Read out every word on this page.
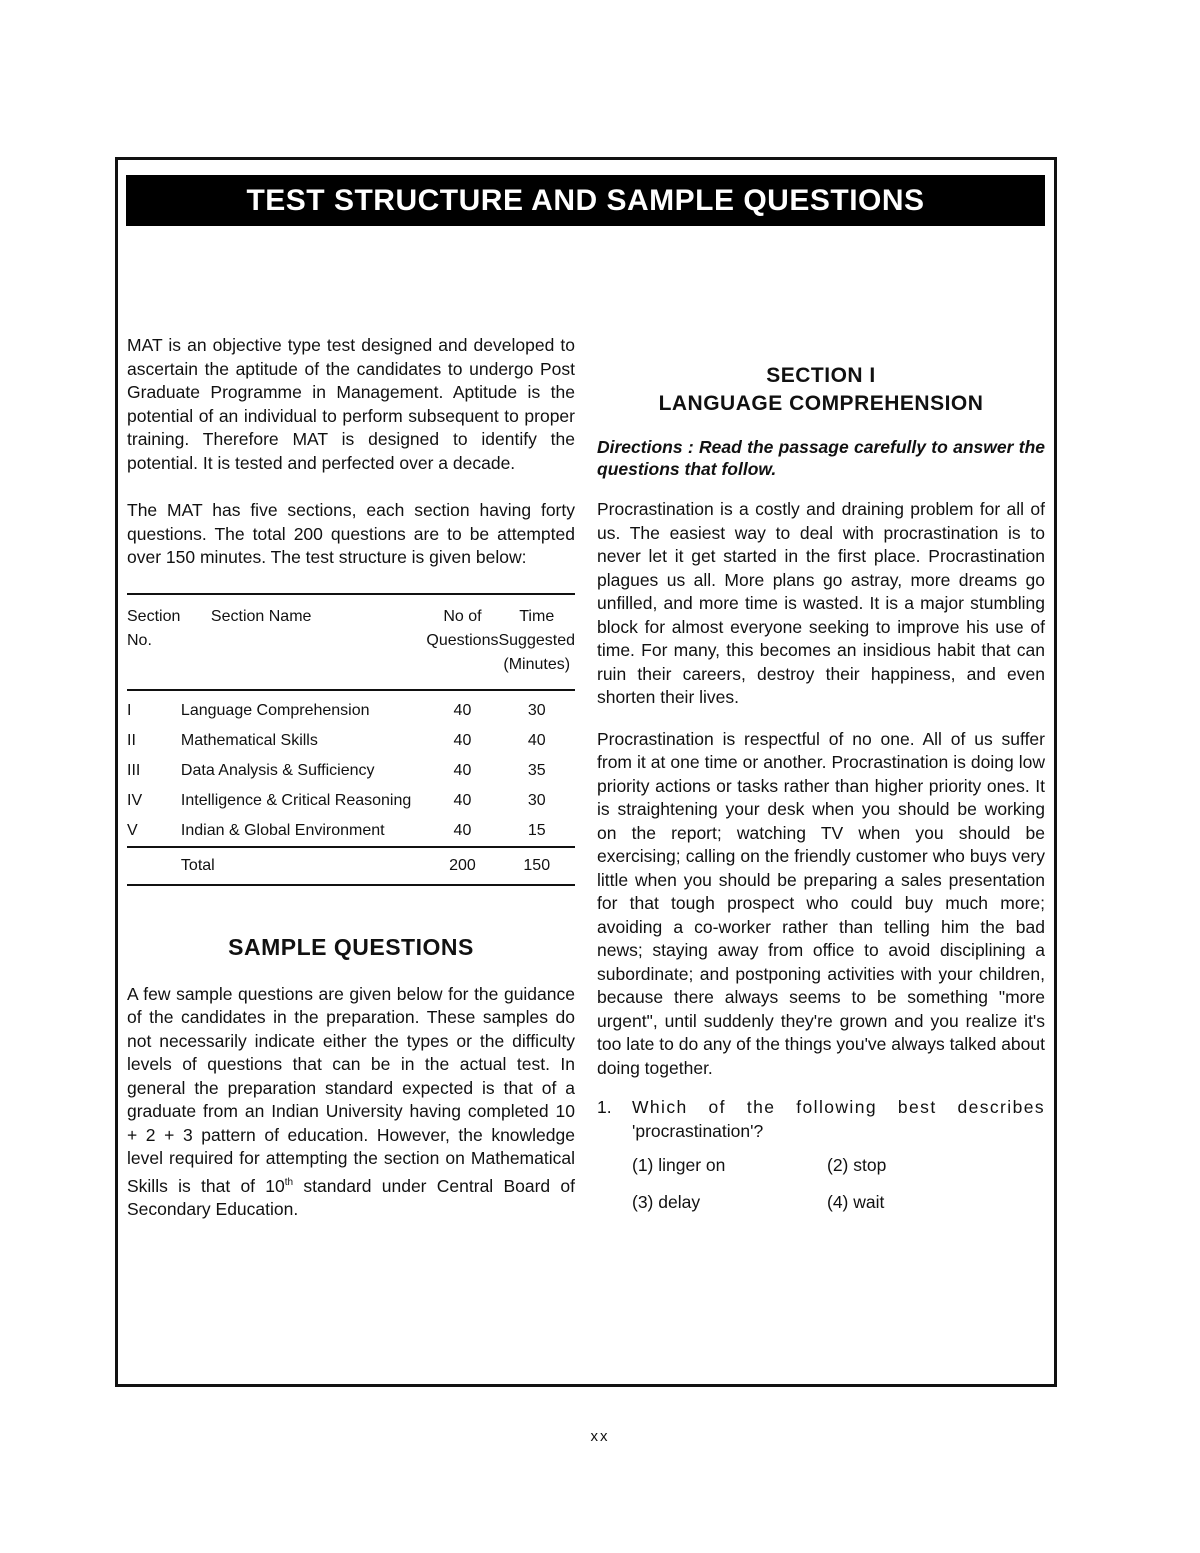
TEST STRUCTURE AND SAMPLE QUESTIONS

MAT is an objective type test designed and developed to ascertain the aptitude of the candidates to undergo Post Graduate Programme in Management. Aptitude is the potential of an individual to perform subsequent to proper training. Therefore MAT is designed to identify the potential. It is tested and perfected over a decade.

The MAT has five sections, each section having forty questions. The total 200 questions are to be attempted over 150 minutes. The test structure is given below:

Section No.	Section Name	No of Questions	Time Suggested (Minutes)
I	Language Comprehension	40	30
II	Mathematical Skills	40	40
III	Data Analysis & Sufficiency	40	35
IV	Intelligence & Critical Reasoning	40	30
V	Indian & Global Environment	40	15
	Total	200	150
SAMPLE QUESTIONS

A few sample questions are given below for the guidance of the candidates in the preparation. These samples do not necessarily indicate either the types or the difficulty levels of questions that can be in the actual test. In general the preparation standard expected is that of a graduate from an Indian University having completed 10 + 2 + 3 pattern of education. However, the knowledge level required for attempting the section on Mathematical Skills is that of 10th standard under Central Board of Secondary Education.

SECTION I
LANGUAGE COMPREHENSION
Directions : Read the passage carefully to answer the questions that follow.

Procrastination is a costly and draining problem for all of us. The easiest way to deal with procrastination is to never let it get started in the first place. Procrastination plagues us all. More plans go astray, more dreams go unfilled, and more time is wasted. It is a major stumbling block for almost everyone seeking to improve his use of time. For many, this becomes an insidious habit that can ruin their careers, destroy their happiness, and even shorten their lives.

Procrastination is respectful of no one. All of us suffer from it at one time or another. Procrastination is doing low priority actions or tasks rather than higher priority ones. It is straightening your desk when you should be working on the report; watching TV when you should be exercising; calling on the friendly customer who buys very little when you should be preparing a sales presentation for that tough prospect who could buy much more; avoiding a co-worker rather than telling him the bad news; staying away from office to avoid disciplining a subordinate; and postponing activities with your children, because there always seems to be something "more urgent", until suddenly they're grown and you realize it's too late to do any of the things you've always talked about doing together.

1.	Which of the following best describes
'procrastination'?
(1) linger on	(2) stop
(3) delay	(4) wait
xx
